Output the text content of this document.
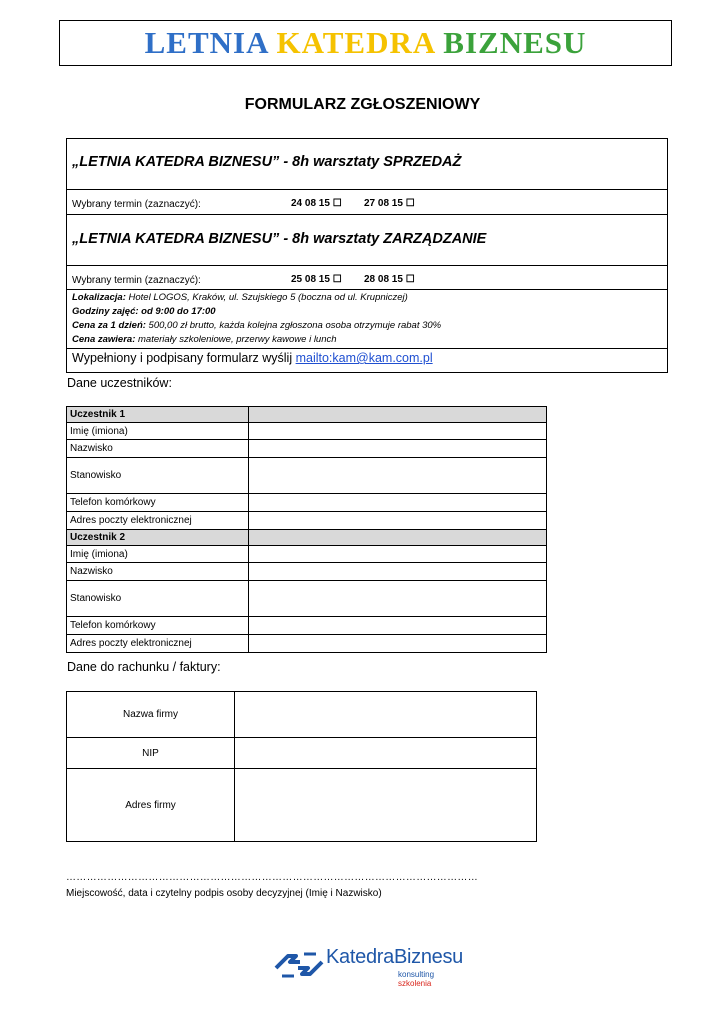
LETNIA KATEDRA BIZNESU
FORMULARZ ZGŁOSZENIOWY
„LETNIA KATEDRA BIZNESU” - 8h warsztaty SPRZEDAŻ
Wybrany termin (zaznaczyć):	24 08 15 ☐ 27 08 15 ☐
„LETNIA KATEDRA BIZNESU” - 8h warsztaty ZARZĄDZANIE
Wybrany termin (zaznaczyć):	25 08 15 ☐ 28 08 15 ☐
Lokalizacja: Hotel LOGOS, Kraków, ul. Szujskiego 5 (boczna od ul. Krupniczej)
Godziny zajęć: od 9:00 do 17:00
Cena za 1 dzień: 500,00 zł brutto, każda kolejna zgłoszona osoba otrzymuje rabat 30%
Cena zawiera: materiały szkoleniowe, przerwy kawowe i lunch
Wypełniony i podpisany formularz wyślij mailto:kam@kam.com.pl
Dane uczestników:
Uczestnik 1	
Imię (imiona)	
Nazwisko	
Stanowisko	
Telefon komórkowy	
Adres poczty elektronicznej	
Uczestnik 2	
Imię (imiona)	
Nazwisko	
Stanowisko	
Telefon komórkowy	
Adres poczty elektronicznej	
Dane do rachunku / faktury:
Nazwa firmy	
NIP	
Adres firmy	
…………………………………………………………………………………………………………
Miejscowość, data i czytelny podpis osoby decyzyjnej (Imię i Nazwisko)
KatedraBiznesu
konsulting szkolenia
